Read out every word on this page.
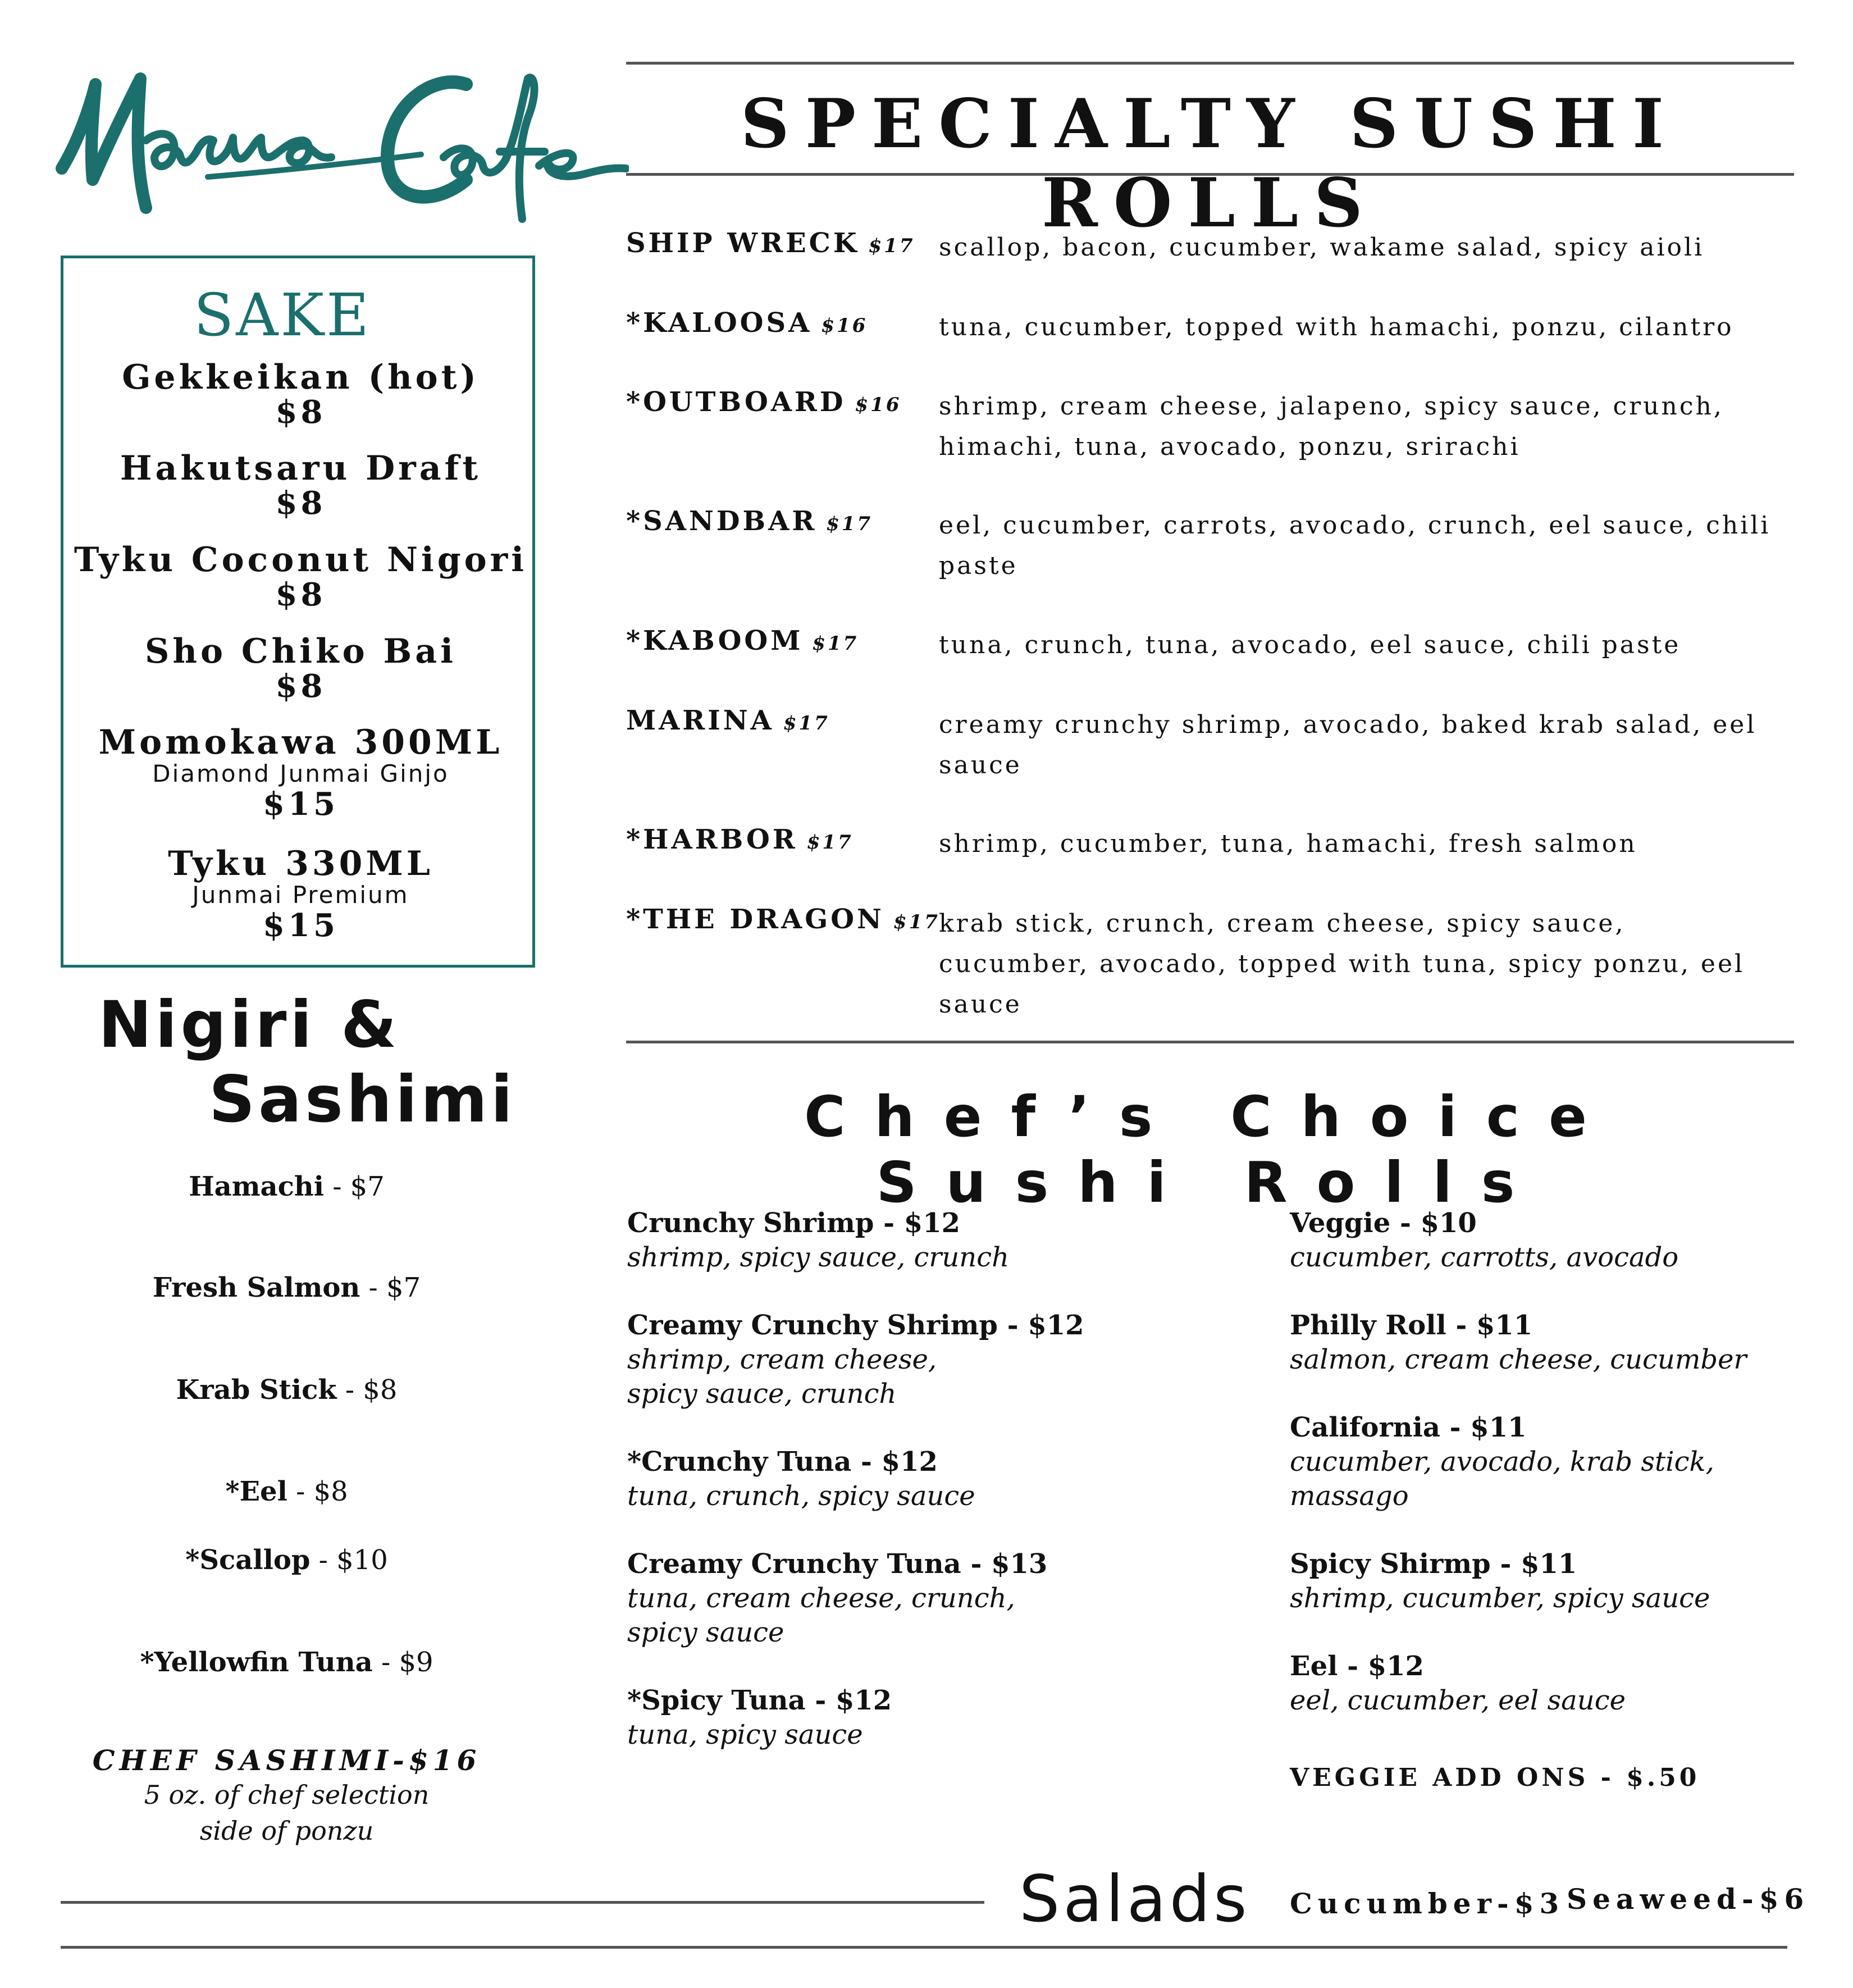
SAKE
Gekkeikan (hot)
$8
Hakutsaru Draft
$8
Tyku Coconut Nigori
$8
Sho Chiko Bai
$8
Momokawa 300ML
Diamond Junmai Ginjo
$15
Tyku 330ML
Junmai Premium
$15
Nigiri &
Sashimi
Hamachi - $7
Fresh Salmon - $7
Krab Stick - $8
*Eel - $8
*Scallop - $10
*Yellowfin Tuna - $9
CHEF SASHIMI-$16
5 oz. of chef selection
side of ponzu
SPECIALTY SUSHI ROLLS
SHIP WRECK $17 scallop, bacon, cucumber, wakame salad, spicy aioli
*KALOOSA $16	tuna, cucumber, topped with hamachi, ponzu, cilantro
*OUTBOARD $16 shrimp, cream cheese, jalapeno, spicy sauce, crunch, himachi, tuna, avocado, ponzu, srirachi
*SANDBAR $17	eel, cucumber, carrots, avocado, crunch, eel sauce, chili paste
*KABOOM $17	tuna, crunch, tuna, avocado, eel sauce, chili paste
MARINA $17	creamy crunchy shrimp, avocado, baked krab salad, eel sauce
*HARBOR $17	shrimp, cucumber, tuna, hamachi, fresh salmon
*THE DRAGON $17
krab stick, crunch, cream cheese, spicy sauce, cucumber, avocado, topped with tuna, spicy ponzu, eel sauce
Chef’s Choice Sushi Rolls
Crunchy Shrimp - $12
shrimp, spicy sauce, crunch
Creamy Crunchy Shrimp - $12
shrimp, cream cheese,
spicy sauce, crunch
*Crunchy Tuna - $12
tuna, crunch, spicy sauce
Creamy Crunchy Tuna - $13
tuna, cream cheese, crunch,
spicy sauce
*Spicy Tuna - $12
tuna, spicy sauce
Veggie - $10
cucumber, carrotts, avocado
Philly Roll - $11
salmon, cream cheese, cucumber
California - $11
cucumber, avocado, krab stick,
massago
Spicy Shirmp - $11
shrimp, cucumber, spicy sauce
Eel - $12
eel, cucumber, eel sauce
VEGGIE ADD ONS - $.50
Salads Cucumber-$3 Seaweed-$6
